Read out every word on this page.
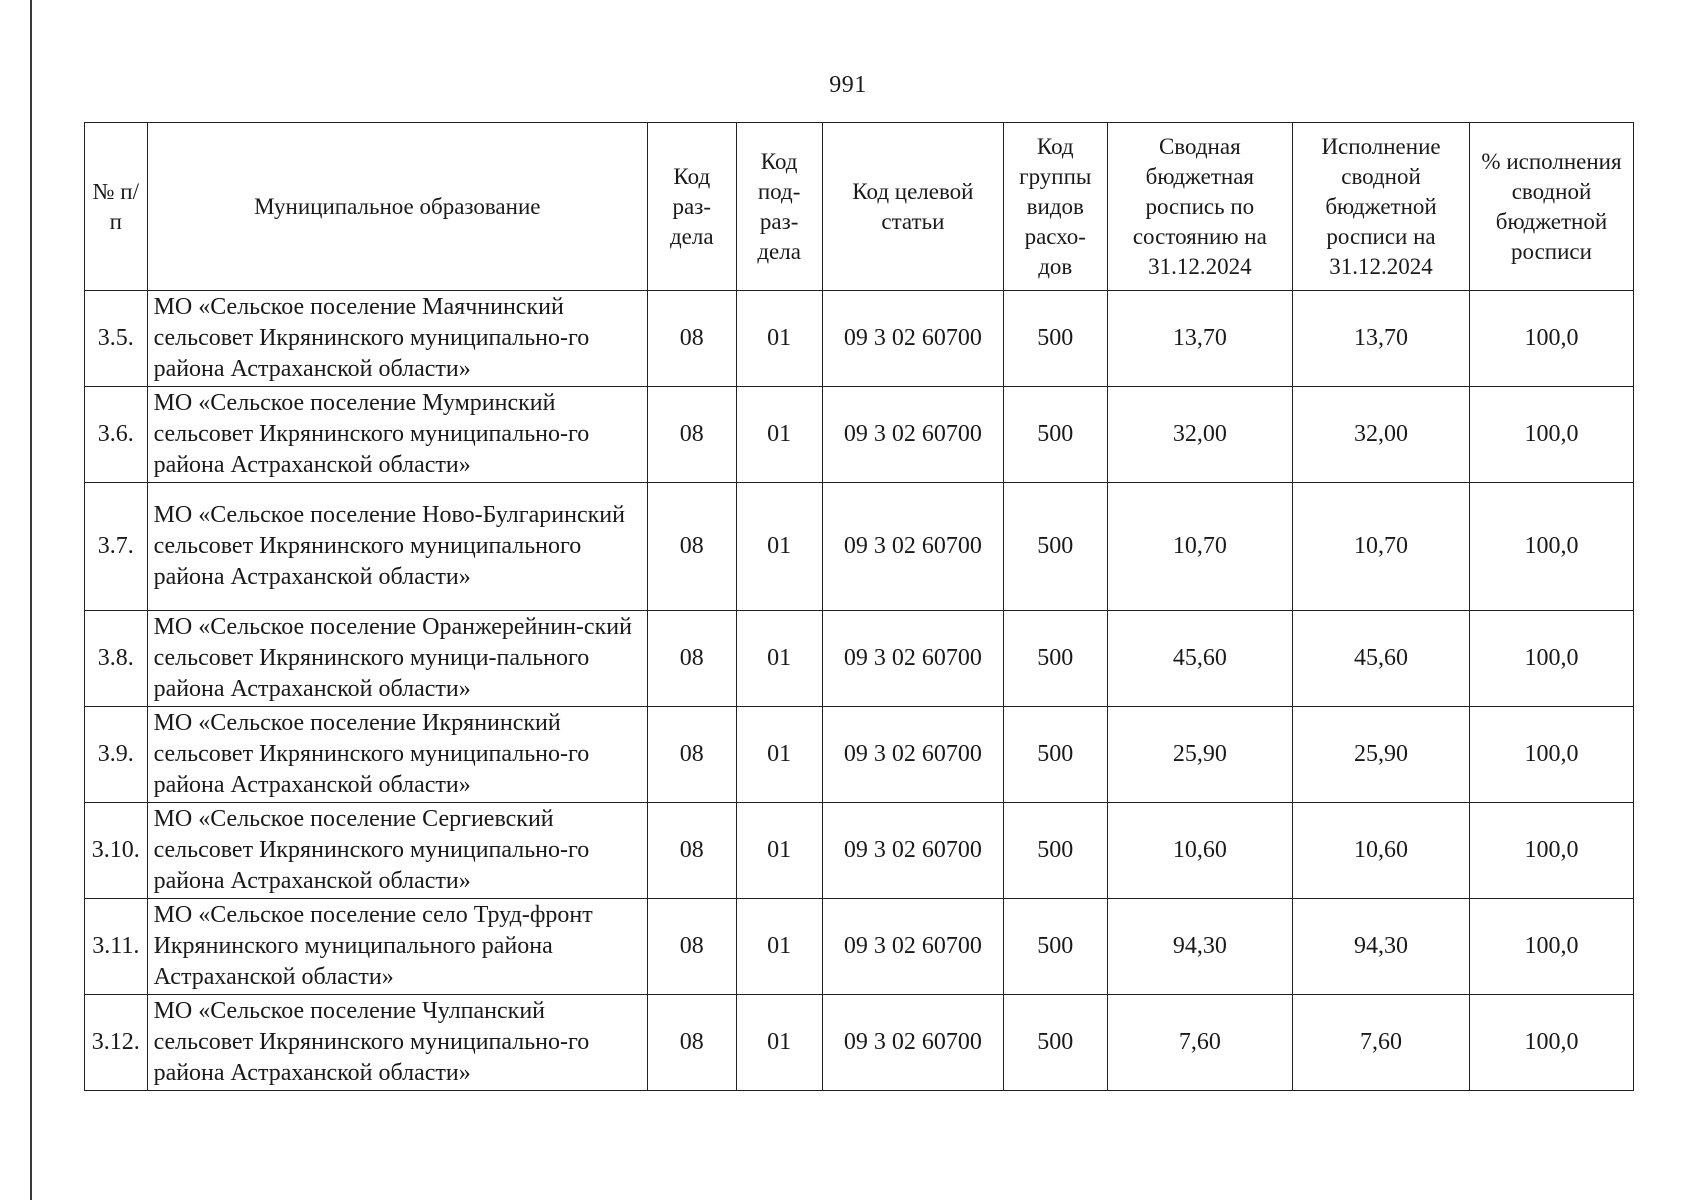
991
№ п/п	Муниципальное образование	Код раз-дела	Код под-раз-дела	Код целевой статьи	Код группы видов расхо-дов	Сводная бюджетная роспись по состоянию на 31.12.2024	Исполнение сводной бюджетной росписи на 31.12.2024	% исполнения сводной бюджетной росписи
3.5.	МО «Сельское поселение Маячнинский сельсовет Икрянинского муниципально-го района Астраханской области»	08	01	09 3 02 60700	500	13,70	13,70	100,0
3.6.	МО «Сельское поселение Мумринский сельсовет Икрянинского муниципально-го района Астраханской области»	08	01	09 3 02 60700	500	32,00	32,00	100,0
3.7.	МО «Сельское поселение Ново-Булгаринский сельсовет Икрянинского муниципального района Астраханской области»	08	01	09 3 02 60700	500	10,70	10,70	100,0
3.8.	МО «Сельское поселение Оранжерейнин-ский сельсовет Икрянинского муници-пального района Астраханской области»	08	01	09 3 02 60700	500	45,60	45,60	100,0
3.9.	МО «Сельское поселение Икрянинский сельсовет Икрянинского муниципально-го района Астраханской области»	08	01	09 3 02 60700	500	25,90	25,90	100,0
3.10.	МО «Сельское поселение Сергиевский сельсовет Икрянинского муниципально-го района Астраханской области»	08	01	09 3 02 60700	500	10,60	10,60	100,0
3.11.	МО «Сельское поселение село Труд-фронт Икрянинского муниципального района Астраханской области»	08	01	09 3 02 60700	500	94,30	94,30	100,0
3.12.	МО «Сельское поселение Чулпанский сельсовет Икрянинского муниципально-го района Астраханской области»	08	01	09 3 02 60700	500	7,60	7,60	100,0
